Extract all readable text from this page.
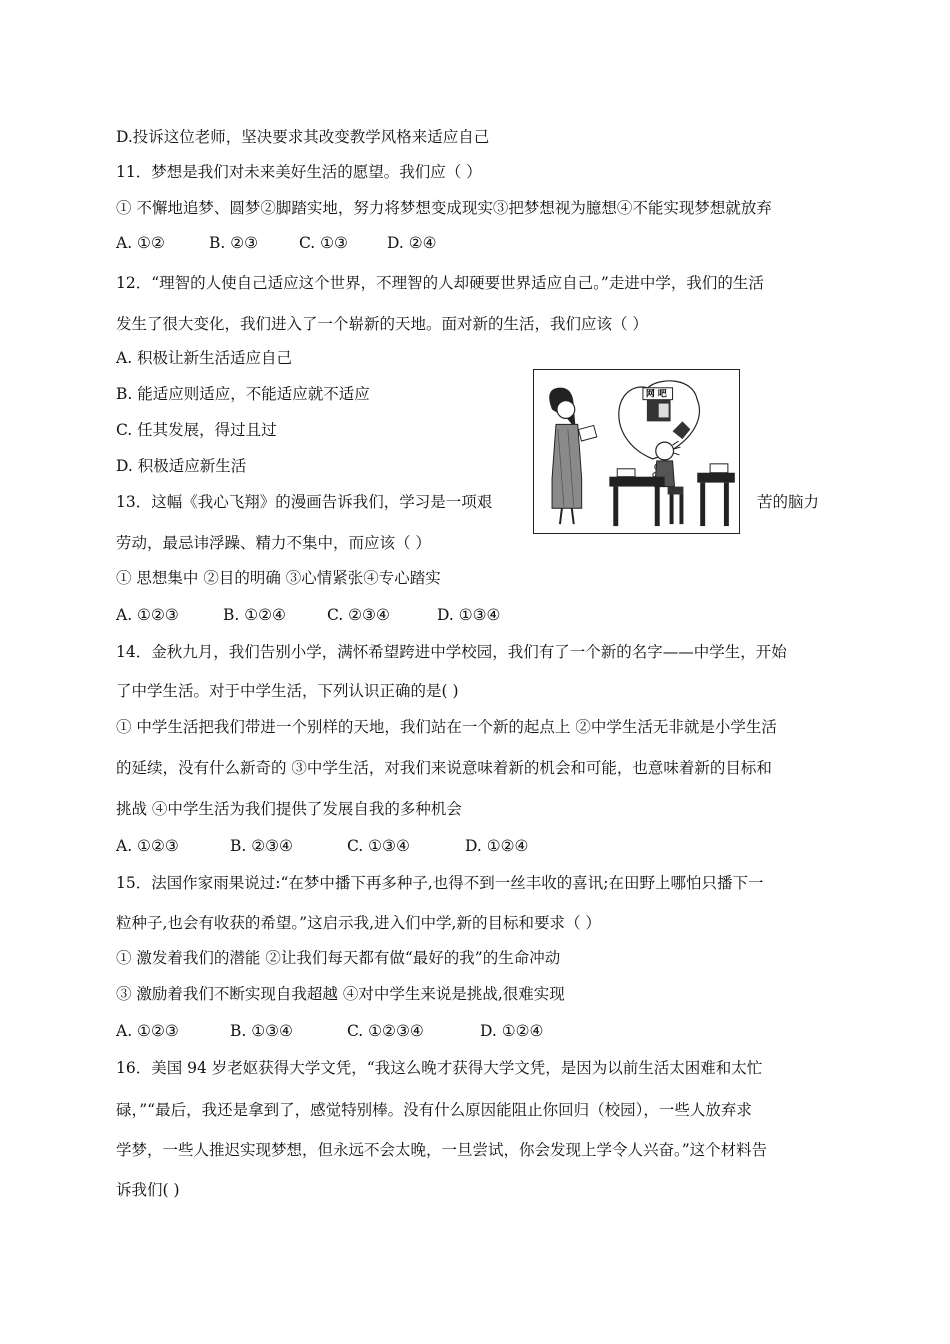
D.投诉这位老师，坚决要求其改变教学风格来适应自己
11．梦想是我们对未来美好生活的愿望。我们应（ ）
① 不懈地追梦、圆梦②脚踏实地，努力将梦想变成现实③把梦想视为臆想④不能实现梦想就放弃
A. ①②	B. ②③	C. ①③	D. ②④
12．“理智的人使自己适应这个世界，不理智的人却硬要世界适应自己。”走进中学，我们的生活
发生了很大变化，我们进入了一个崭新的天地。面对新的生活，我们应该（ ）
A. 积极让新生活适应自己
B. 能适应则适应，不能适应就不适应
C. 任其发展，得过且过
D. 积极适应新生活
13．这幅《我心飞翔》的漫画告诉我们，学习是一项艰	苦的脑力
网 吧
劳动，最忌讳浮躁、精力不集中，而应该（ ）
① 思想集中 ②目的明确 ③心情紧张④专心踏实
A. ①②③	B. ①②④	C. ②③④	D. ①③④
14．金秋九月，我们告别小学，满怀希望跨进中学校园，我们有了一个新的名字——中学生，开始
了中学生活。对于中学生活，下列认识正确的是( )
① 中学生活把我们带进一个别样的天地，我们站在一个新的起点上 ②中学生活无非就是小学生活
的延续，没有什么新奇的 ③中学生活，对我们来说意味着新的机会和可能，也意味着新的目标和
挑战 ④中学生活为我们提供了发展自我的多种机会
A. ①②③	B. ②③④	C. ①③④	D. ①②④
15．法国作家雨果说过:“在梦中播下再多种子,也得不到一丝丰收的喜讯;在田野上哪怕只播下一
粒种子,也会有收获的希望。”这启示我,进入们中学,新的目标和要求（ ）
① 激发着我们的潜能 ②让我们每天都有做“最好的我”的生命冲动
③ 激励着我们不断实现自我超越 ④对中学生来说是挑战,很难实现
A. ①②③	B. ①③④	C. ①②③④	D. ①②④
16．美国 94 岁老妪获得大学文凭，“我这么晚才获得大学文凭，是因为以前生活太困难和太忙
碌，”“最后，我还是拿到了，感觉特别棒。没有什么原因能阻止你回归（校园），一些人放弃求
学梦，一些人推迟实现梦想，但永远不会太晚，一旦尝试，你会发现上学令人兴奋。”这个材料告
诉我们( )
